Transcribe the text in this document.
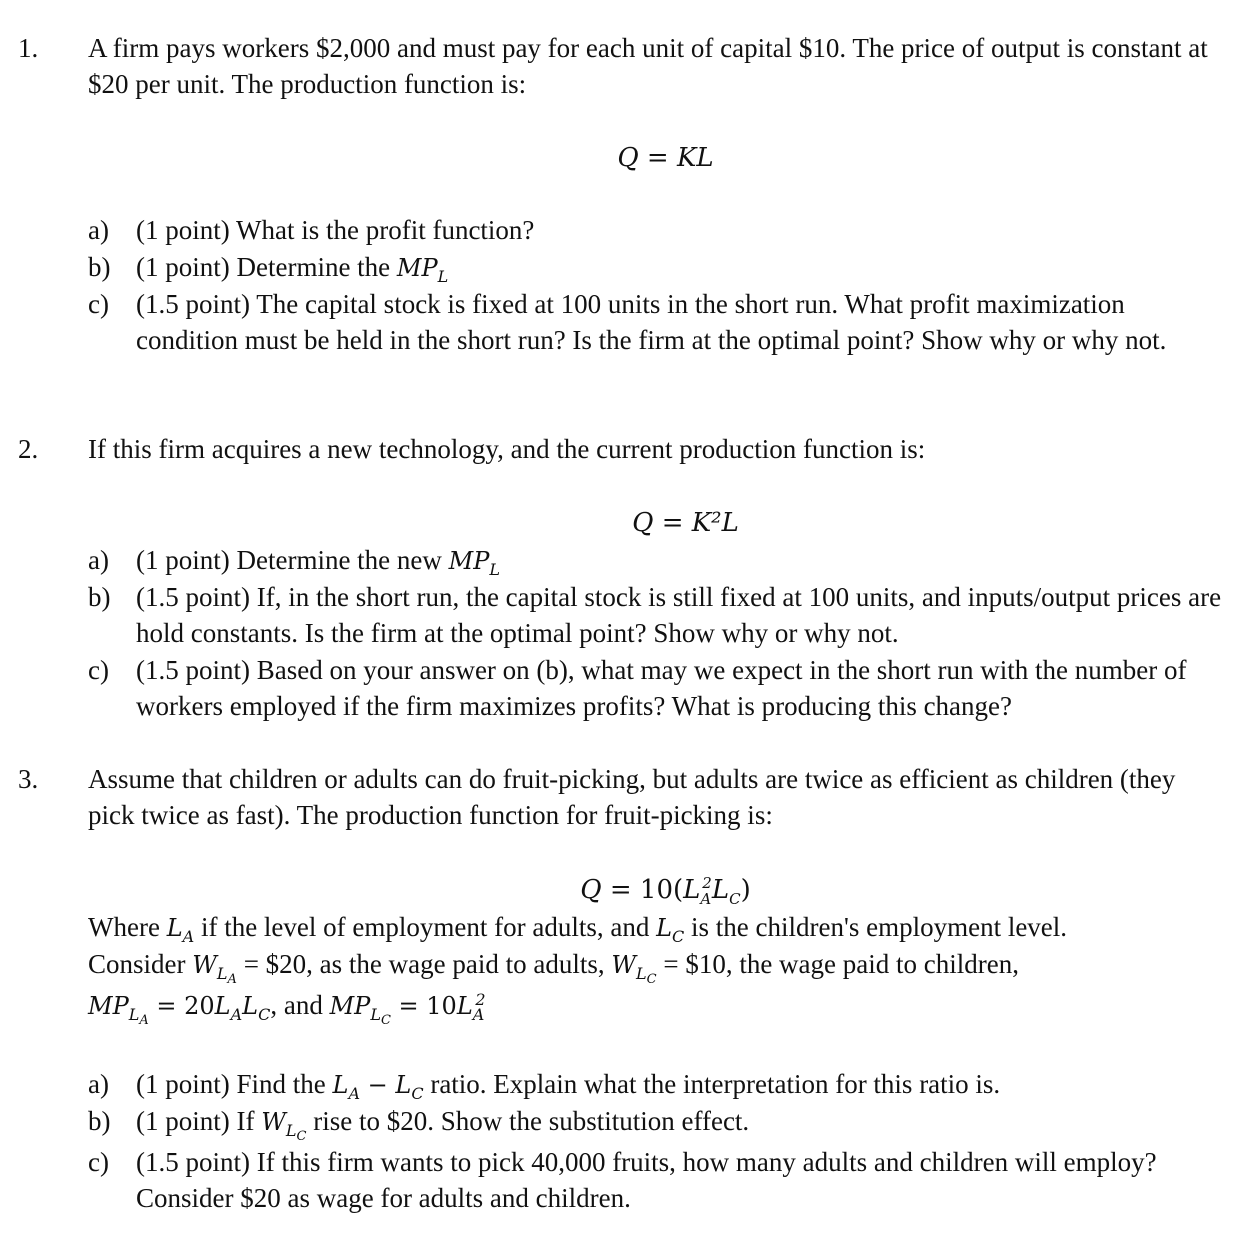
1. A firm pays workers $2,000 and must pay for each unit of capital $10. The price of output is constant at $20 per unit. The production function is:
Q = KL
a) (1 point) What is the profit function?
b) (1 point) Determine the $MP_L$
c) (1.5 point) The capital stock is fixed at 100 units in the short run. What profit maximization condition must be held in the short run? Is the firm at the optimal point? Show why or why not.
2. If this firm acquires a new technology, and the current production function is:
Q = K²L
a) (1 point) Determine the new $MP_L$
b) (1.5 point) If, in the short run, the capital stock is still fixed at 100 units, and inputs/output prices are hold constants. Is the firm at the optimal point? Show why or why not.
c) (1.5 point) Based on your answer on (b), what may we expect in the short run with the number of workers employed if the firm maximizes profits? What is producing this change?
3. Assume that children or adults can do fruit-picking, but adults are twice as efficient as children (they pick twice as fast). The production function for fruit-picking is:
$Q = 10(L_A^2L_C)$
Where $L_A$ if the level of employment for adults, and $L_C$ is the children's employment level.
Consider $W_{L_A}$ = $20, as the wage paid to adults, $W_{L_C}$ = $10, the wage paid to children,
$MP_{L_A} = 20L_AL_C$, and $MP_{L_C} = 10L_A^2$
a) (1 point) Find the $L_A - L_C$ ratio. Explain what the interpretation for this ratio is.
b) (1 point) If $W_{L_C}$ rise to $20. Show the substitution effect.
c) (1.5 point) If this firm wants to pick 40,000 fruits, how many adults and children will employ? Consider $20 as wage for adults and children.
